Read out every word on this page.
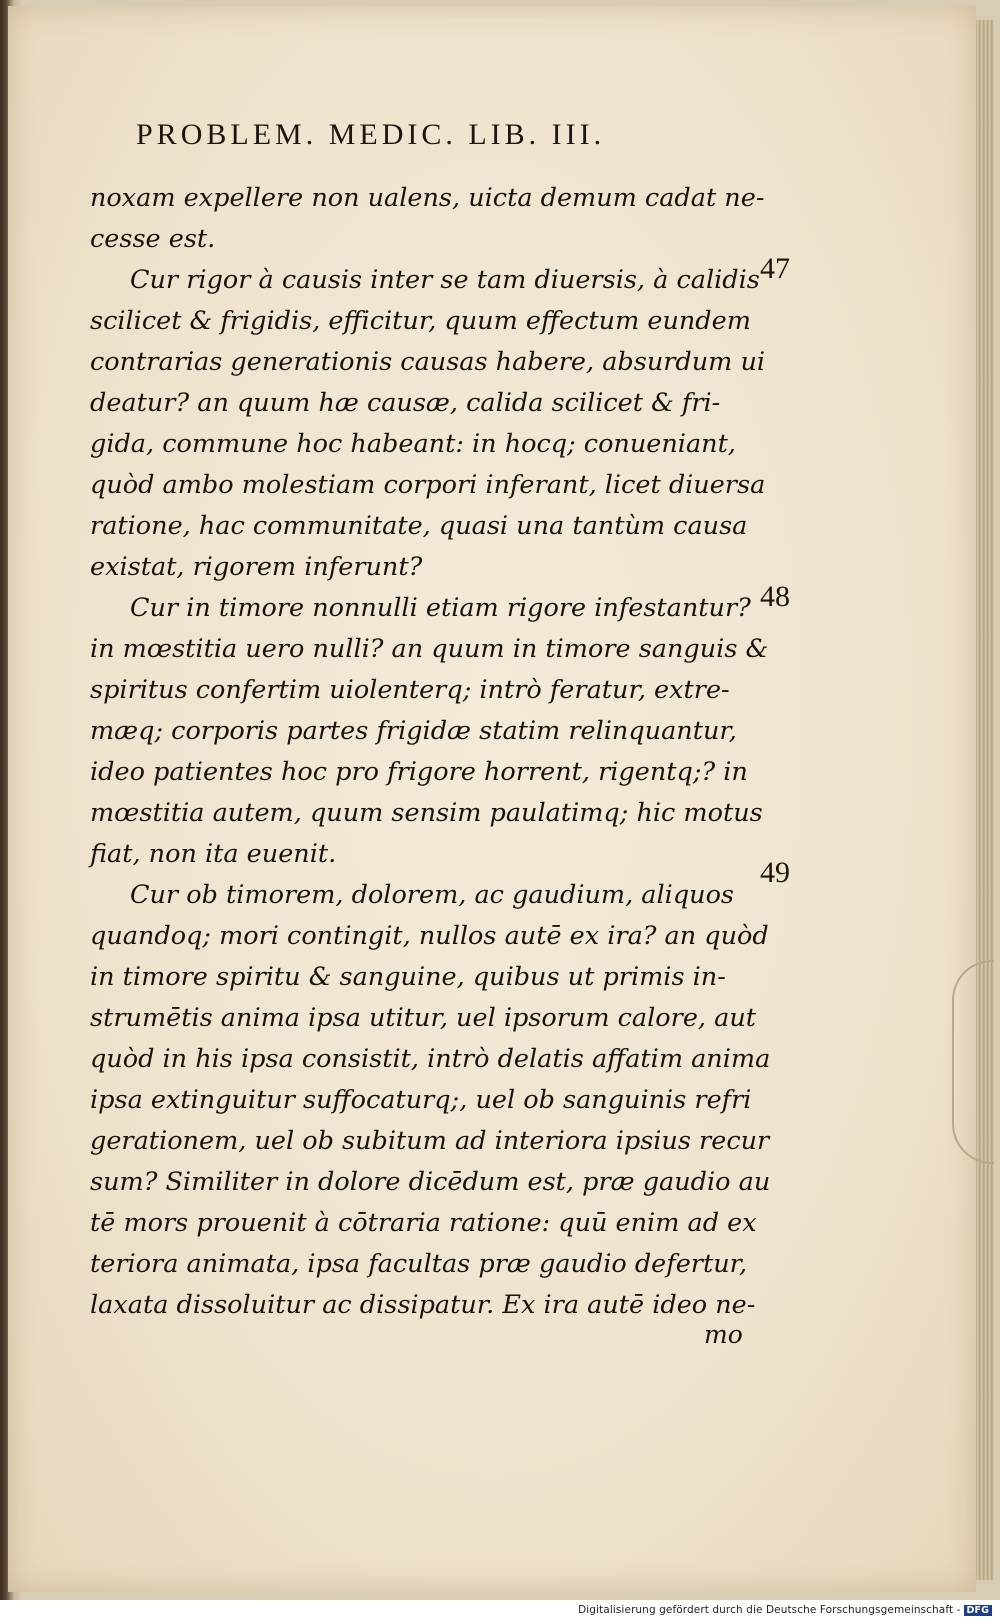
PROBLEM. MEDIC. LIB. III.
noxam expellere non ualens, uicta demum cadat ne-
cesse est.
Cur rigor à causis inter se tam diuersis, à calidis
scilicet & frigidis, efficitur, quum effectum eundem
contrarias generationis causas habere, absurdum ui
deatur? an quum hæ causæ, calida scilicet & fri-
gida, commune hoc habeant: in hocq; conueniant,
quòd ambo molestiam corpori inferant, licet diuersa
ratione, hac communitate, quasi una tantùm causa
existat, rigorem inferunt?
Cur in timore nonnulli etiam rigore infestantur?
in mœstitia uero nulli? an quum in timore sanguis &
spiritus confertim uiolenterq; intrò feratur, extre-
mæq; corporis partes frigidæ statim relinquantur,
ideo patientes hoc pro frigore horrent, rigentq;? in
mœstitia autem, quum sensim paulatimq; hic motus
fiat, non ita euenit.
Cur ob timorem, dolorem, ac gaudium, aliquos
quandoq; mori contingit, nullos autē ex ira? an quòd
in timore spiritu & sanguine, quibus ut primis in-
strumētis anima ipsa utitur, uel ipsorum calore, aut
quòd in his ipsa consistit, intrò delatis affatim anima
ipsa extinguitur suffocaturq;, uel ob sanguinis refri
gerationem, uel ob subitum ad interiora ipsius recur
sum? Similiter in dolore dicēdum est, præ gaudio au
tē mors prouenit à cōtraria ratione: quū enim ad ex
teriora animata, ipsa facultas præ gaudio defertur,
laxata dissoluitur ac dissipatur. Ex ira autē ideo ne-
47
48
49
mo
Digitalisierung gefördert durch die Deutsche Forschungsgemeinschaft - DFG
